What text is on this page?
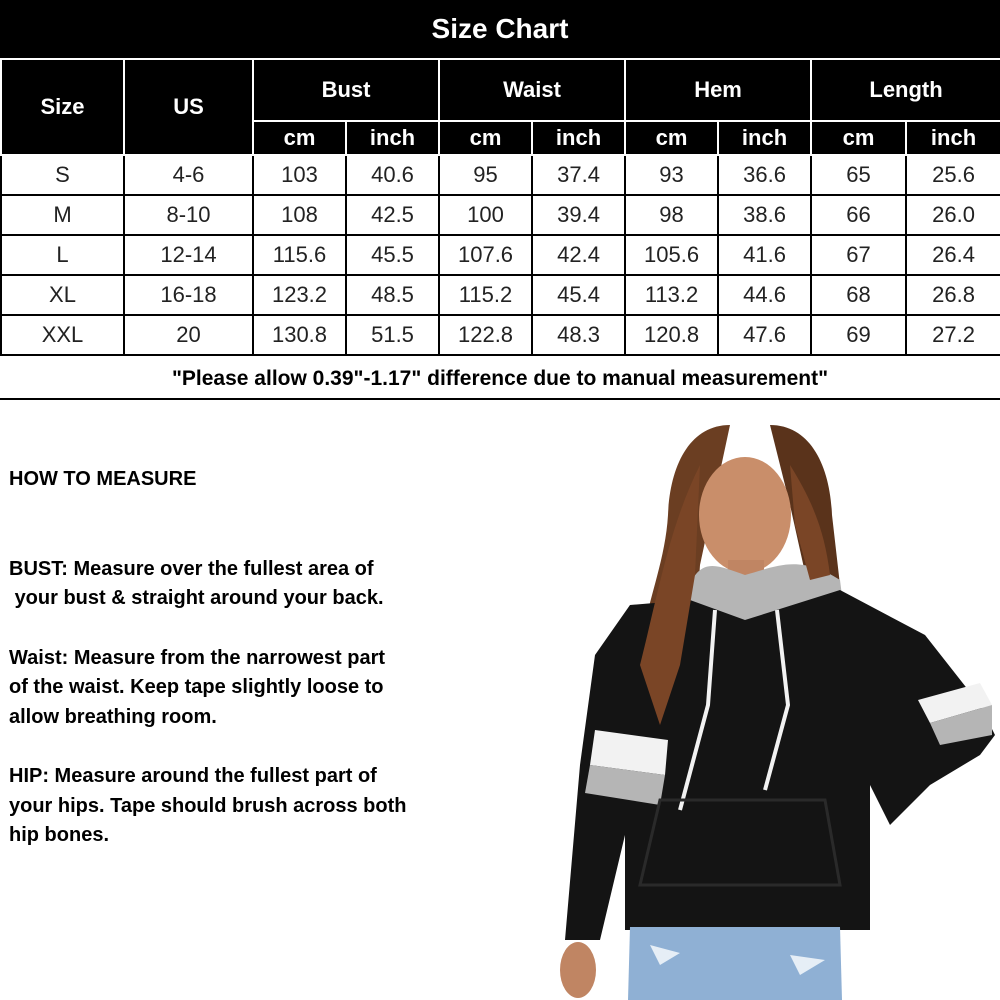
Size Chart
Size	US	Bust		Waist		Hem		Length	
		cm	inch	cm	inch	cm	inch	cm	inch
S	4-6	103	40.6	95	37.4	93	36.6	65	25.6
M	8-10	108	42.5	100	39.4	98	38.6	66	26.0
L	12-14	115.6	45.5	107.6	42.4	105.6	41.6	67	26.4
XL	16-18	123.2	48.5	115.2	45.4	113.2	44.6	68	26.8
XXL	20	130.8	51.5	122.8	48.3	120.8	47.6	69	27.2
"Please allow 0.39"-1.17" difference due to manual measurement"

HOW TO MEASURE

BUST: Measure over the fullest area of
your bust & straight around your back.

Waist: Measure from the narrowest part
of the waist. Keep tape slightly loose to
allow breathing room.

HIP: Measure around the fullest part of
your hips. Tape should brush across both
hip bones.
